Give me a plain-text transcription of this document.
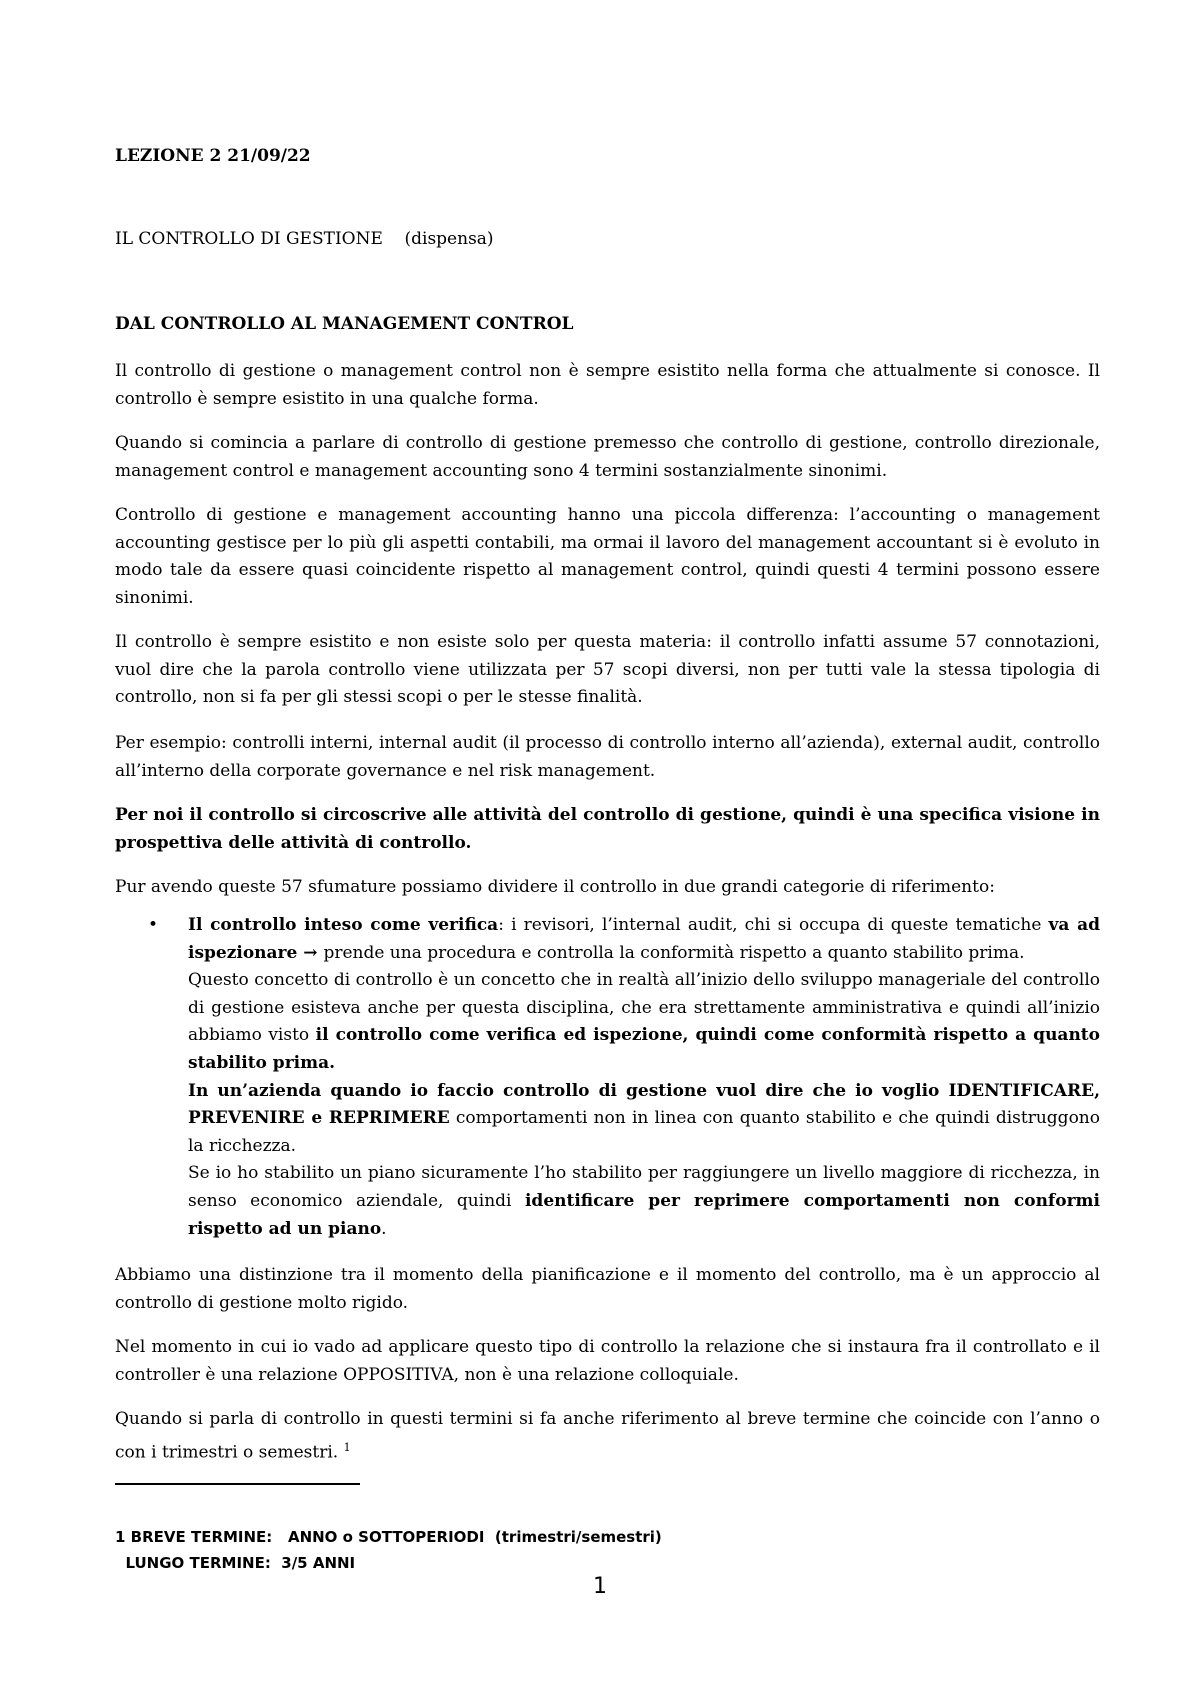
LEZIONE 2 21/09/22
IL CONTROLLO DI GESTIONE    (dispensa)
DAL CONTROLLO AL MANAGEMENT CONTROL
Il controllo di gestione o management control non è sempre esistito nella forma che attualmente si conosce. Il controllo è sempre esistito in una qualche forma.
Quando si comincia a parlare di controllo di gestione premesso che controllo di gestione, controllo direzionale, management control e management accounting sono 4 termini sostanzialmente sinonimi.
Controllo di gestione e management accounting hanno una piccola differenza: l’accounting o management accounting gestisce per lo più gli aspetti contabili, ma ormai il lavoro del management accountant si è evoluto in modo tale da essere quasi coincidente rispetto al management control, quindi questi 4 termini possono essere sinonimi.
Il controllo è sempre esistito e non esiste solo per questa materia: il controllo infatti assume 57 connotazioni, vuol dire che la parola controllo viene utilizzata per 57 scopi diversi, non per tutti vale la stessa tipologia di controllo, non si fa per gli stessi scopi o per le stesse finalità.
Per esempio: controlli interni, internal audit (il processo di controllo interno all’azienda), external audit, controllo all’interno della corporate governance e nel risk management.
Per noi il controllo si circoscrive alle attività del controllo di gestione, quindi è una specifica visione in prospettiva delle attività di controllo.
Pur avendo queste 57 sfumature possiamo dividere il controllo in due grandi categorie di riferimento:
• Il controllo inteso come verifica: i revisori, l’internal audit, chi si occupa di queste tematiche va ad ispezionare → prende una procedura e controlla la conformità rispetto a quanto stabilito prima.
Questo concetto di controllo è un concetto che in realtà all’inizio dello sviluppo manageriale del controllo di gestione esisteva anche per questa disciplina, che era strettamente amministrativa e quindi all’inizio abbiamo visto il controllo come verifica ed ispezione, quindi come conformità rispetto a quanto stabilito prima.
In un’azienda quando io faccio controllo di gestione vuol dire che io voglio IDENTIFICARE, PREVENIRE e REPRIMERE comportamenti non in linea con quanto stabilito e che quindi distruggono la ricchezza.
Se io ho stabilito un piano sicuramente l’ho stabilito per raggiungere un livello maggiore di ricchezza, in senso economico aziendale, quindi identificare per reprimere comportamenti non conformi rispetto ad un piano.
Abbiamo una distinzione tra il momento della pianificazione e il momento del controllo, ma è un approccio al controllo di gestione molto rigido.
Nel momento in cui io vado ad applicare questo tipo di controllo la relazione che si instaura fra il controllato e il controller è una relazione OPPOSITIVA, non è una relazione colloquiale.
Quando si parla di controllo in questi termini si fa anche riferimento al breve termine che coincide con l’anno o con i trimestri o semestri. $^1$
1 BREVE TERMINE:   ANNO o SOTTOPERIODI  (trimestri/semestri)
LUNGO TERMINE:  3/5 ANNI
1
